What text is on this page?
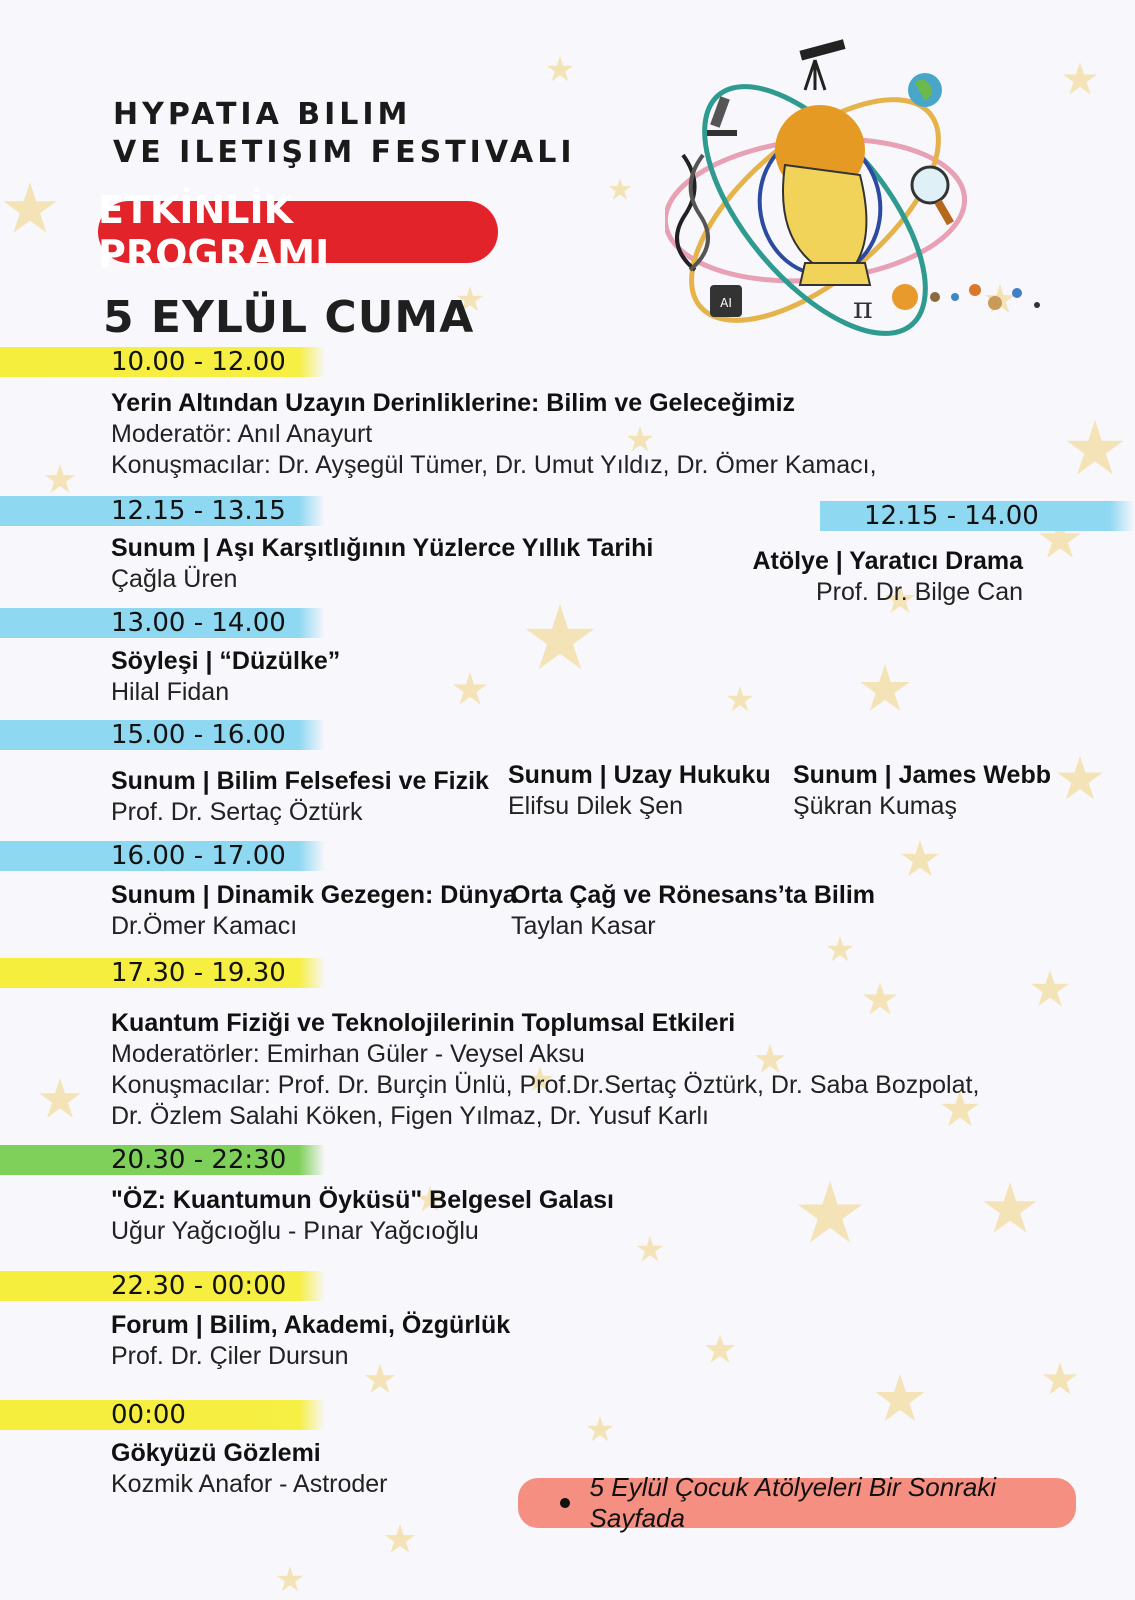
HYPATIA BILIM
VE ILETIŞIM FESTIVALI
ETKİNLİK PROGRAMI
5 EYLÜL CUMA	AI	π
10.00 - 12.00
Yerin Altından Uzayın Derinliklerine: Bilim ve Geleceğimiz
Moderatör: Anıl Anayurt
Konuşmacılar: Dr. Ayşegül Tümer, Dr. Umut Yıldız, Dr. Ömer Kamacı,
12.15 - 13.15	12.15 - 14.00
Sunum | Aşı Karşıtlığının Yüzlerce Yıllık Tarihi
Çağla Üren
Atölye | Yaratıcı Drama
Prof. Dr. Bilge Can
13.00 - 14.00
Söyleşi | “Düzülke”
Hilal Fidan
15.00 - 16.00
Sunum | Bilim Felsefesi ve Fizik
Prof. Dr. Sertaç Öztürk
Sunum | Uzay Hukuku
Elifsu Dilek Şen
Sunum | James Webb
Şükran Kumaş
16.00 - 17.00
Sunum | Dinamik Gezegen: Dünya
Dr.Ömer Kamacı
Orta Çağ ve Rönesans’ta Bilim
Taylan Kasar
17.30 - 19.30
Kuantum Fiziği ve Teknolojilerinin Toplumsal Etkileri
Moderatörler: Emirhan Güler - Veysel Aksu
Konuşmacılar: Prof. Dr. Burçin Ünlü, Prof.Dr.Sertaç Öztürk, Dr. Saba Bozpolat,
Dr. Özlem Salahi Köken, Figen Yılmaz, Dr. Yusuf Karlı
20.30 - 22:30
"ÖZ: Kuantumun Öyküsü" Belgesel Galası
Uğur Yağcıoğlu - Pınar Yağcıoğlu
22.30 - 00:00
Forum | Bilim, Akademi, Özgürlük
Prof. Dr. Çiler Dursun
00:00
Gökyüzü Gözlemi
Kozmik Anafor - Astroder	5 Eylül Çocuk Atölyeleri Bir Sonraki Sayfada
